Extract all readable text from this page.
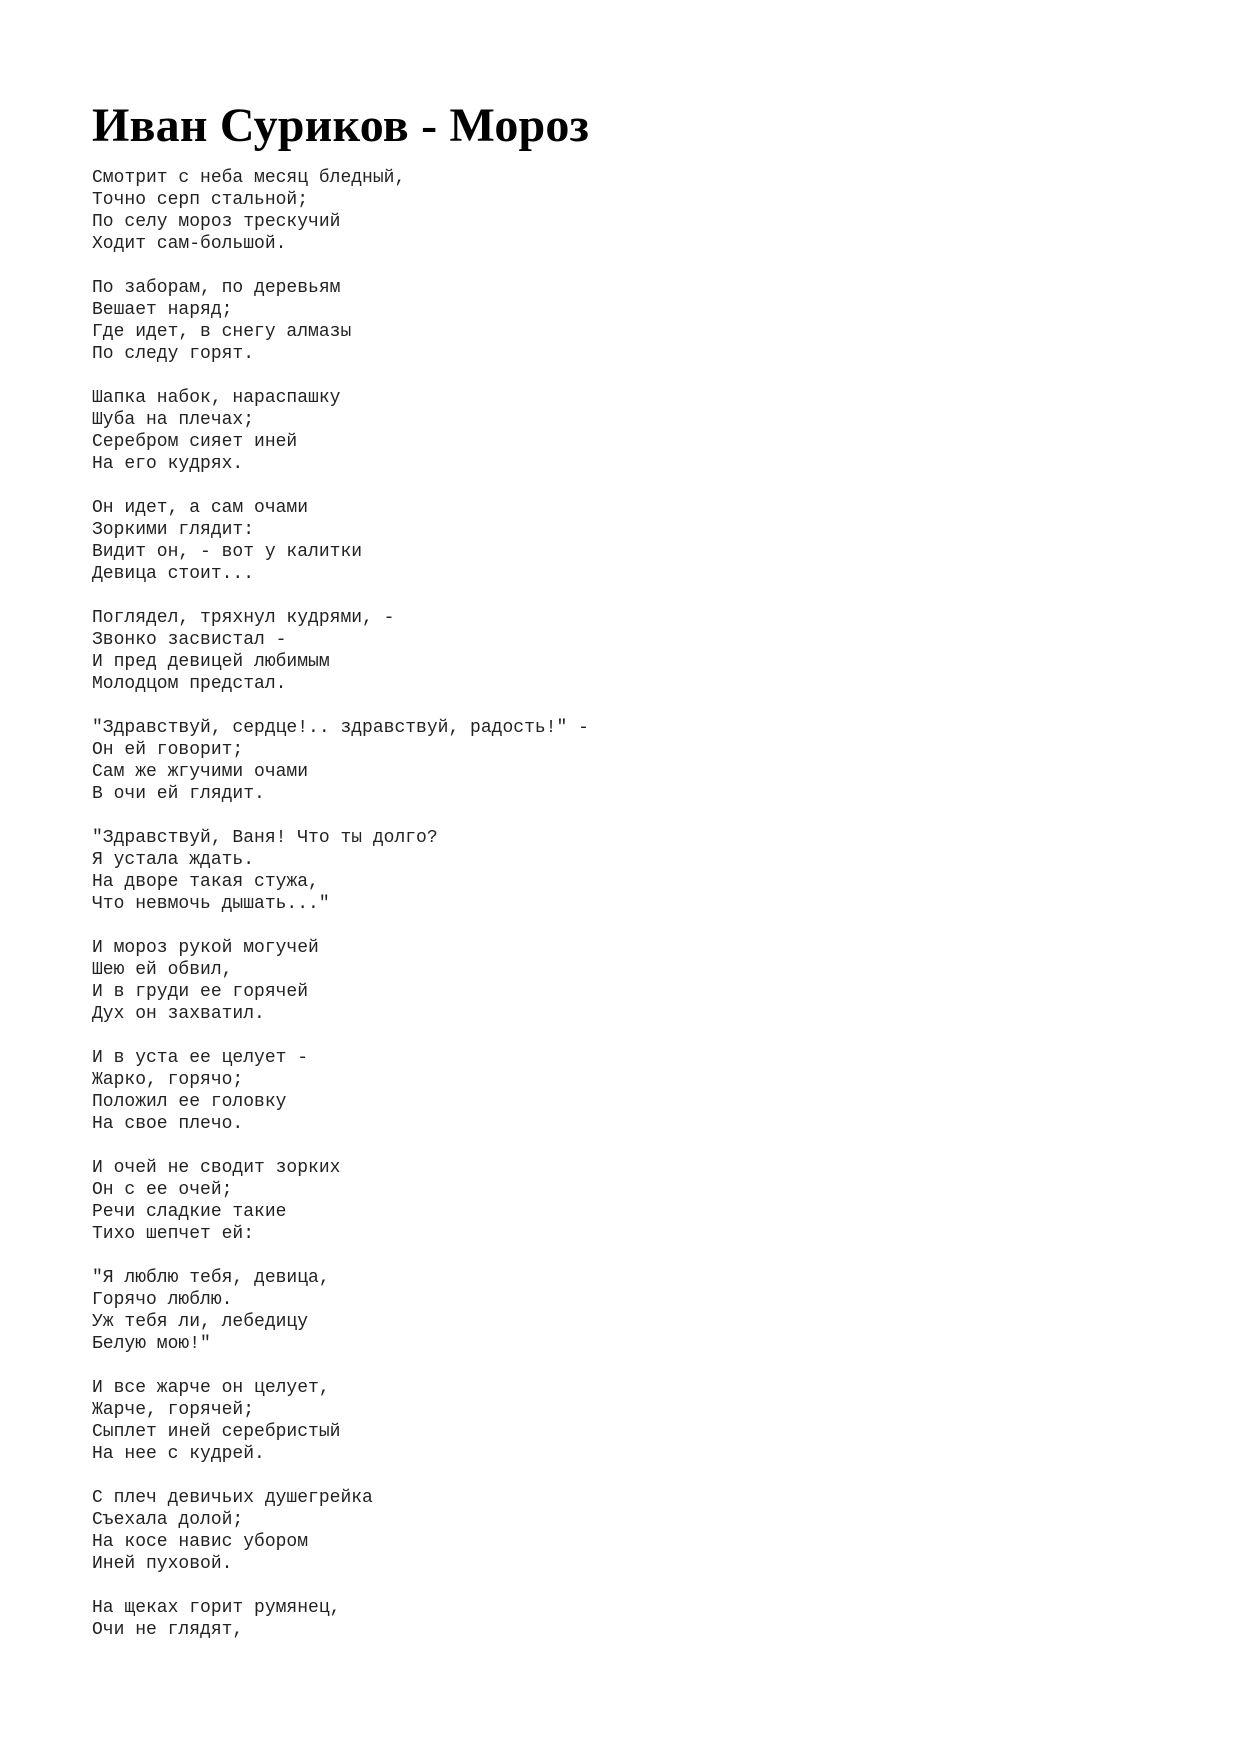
Иван Суриков - Мороз
Смотрит с неба месяц бледный,
Точно серп стальной;
По селу мороз трескучий
Ходит сам-большой.
По заборам, по деревьям
Вешает наряд;
Где идет, в снегу алмазы
По следу горят.
Шапка набок, нараспашку
Шуба на плечах;
Серебром сияет иней
На его кудрях.
Он идет, а сам очами
Зоркими глядит:
Видит он, - вот у калитки
Девица стоит...
Поглядел, тряхнул кудрями, -
Звонко засвистал -
И пред девицей любимым
Молодцом предстал.
"Здравствуй, сердце!.. здравствуй, радость!" -
Он ей говорит;
Сам же жгучими очами
В очи ей глядит.
"Здравствуй, Ваня! Что ты долго?
Я устала ждать.
На дворе такая стужа,
Что невмочь дышать..."
И мороз рукой могучей
Шею ей обвил,
И в груди ее горячей
Дух он захватил.
И в уста ее целует -
Жарко, горячо;
Положил ее головку
На свое плечо.
И очей не сводит зорких
Он с ее очей;
Речи сладкие такие
Тихо шепчет ей:
"Я люблю тебя, девица,
Горячо люблю.
Уж тебя ли, лебедицу
Белую мою!"
И все жарче он целует,
Жарче, горячей;
Сыплет иней серебристый
На нее с кудрей.
С плеч девичьих душегрейка
Съехала долой;
На косе навис убором
Иней пуховой.
На щеках горит румянец,
Очи не глядят,
